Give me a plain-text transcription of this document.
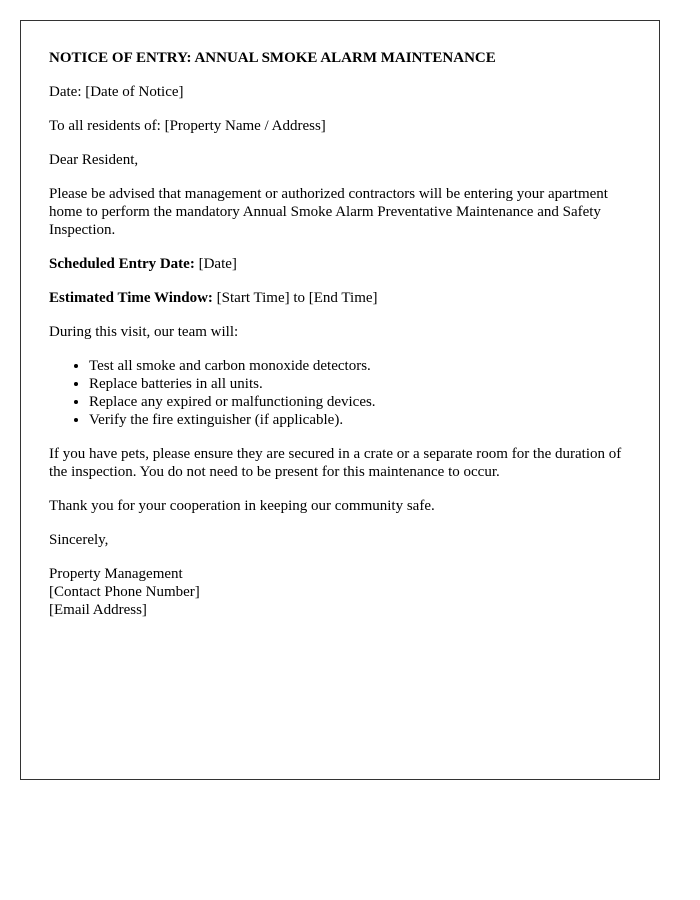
NOTICE OF ENTRY: ANNUAL SMOKE ALARM MAINTENANCE

Date: [Date of Notice]

To all residents of: [Property Name / Address]

Dear Resident,

Please be advised that management or authorized contractors will be entering your apartment home to perform the mandatory Annual Smoke Alarm Preventative Maintenance and Safety Inspection.

Scheduled Entry Date: [Date]

Estimated Time Window: [Start Time] to [End Time]

During this visit, our team will:

• Test all smoke and carbon monoxide detectors.
• Replace batteries in all units.
• Replace any expired or malfunctioning devices.
• Verify the fire extinguisher (if applicable).

If you have pets, please ensure they are secured in a crate or a separate room for the duration of the inspection. You do not need to be present for this maintenance to occur.

Thank you for your cooperation in keeping our community safe.

Sincerely,

Property Management

[Contact Phone Number]

[Email Address]
